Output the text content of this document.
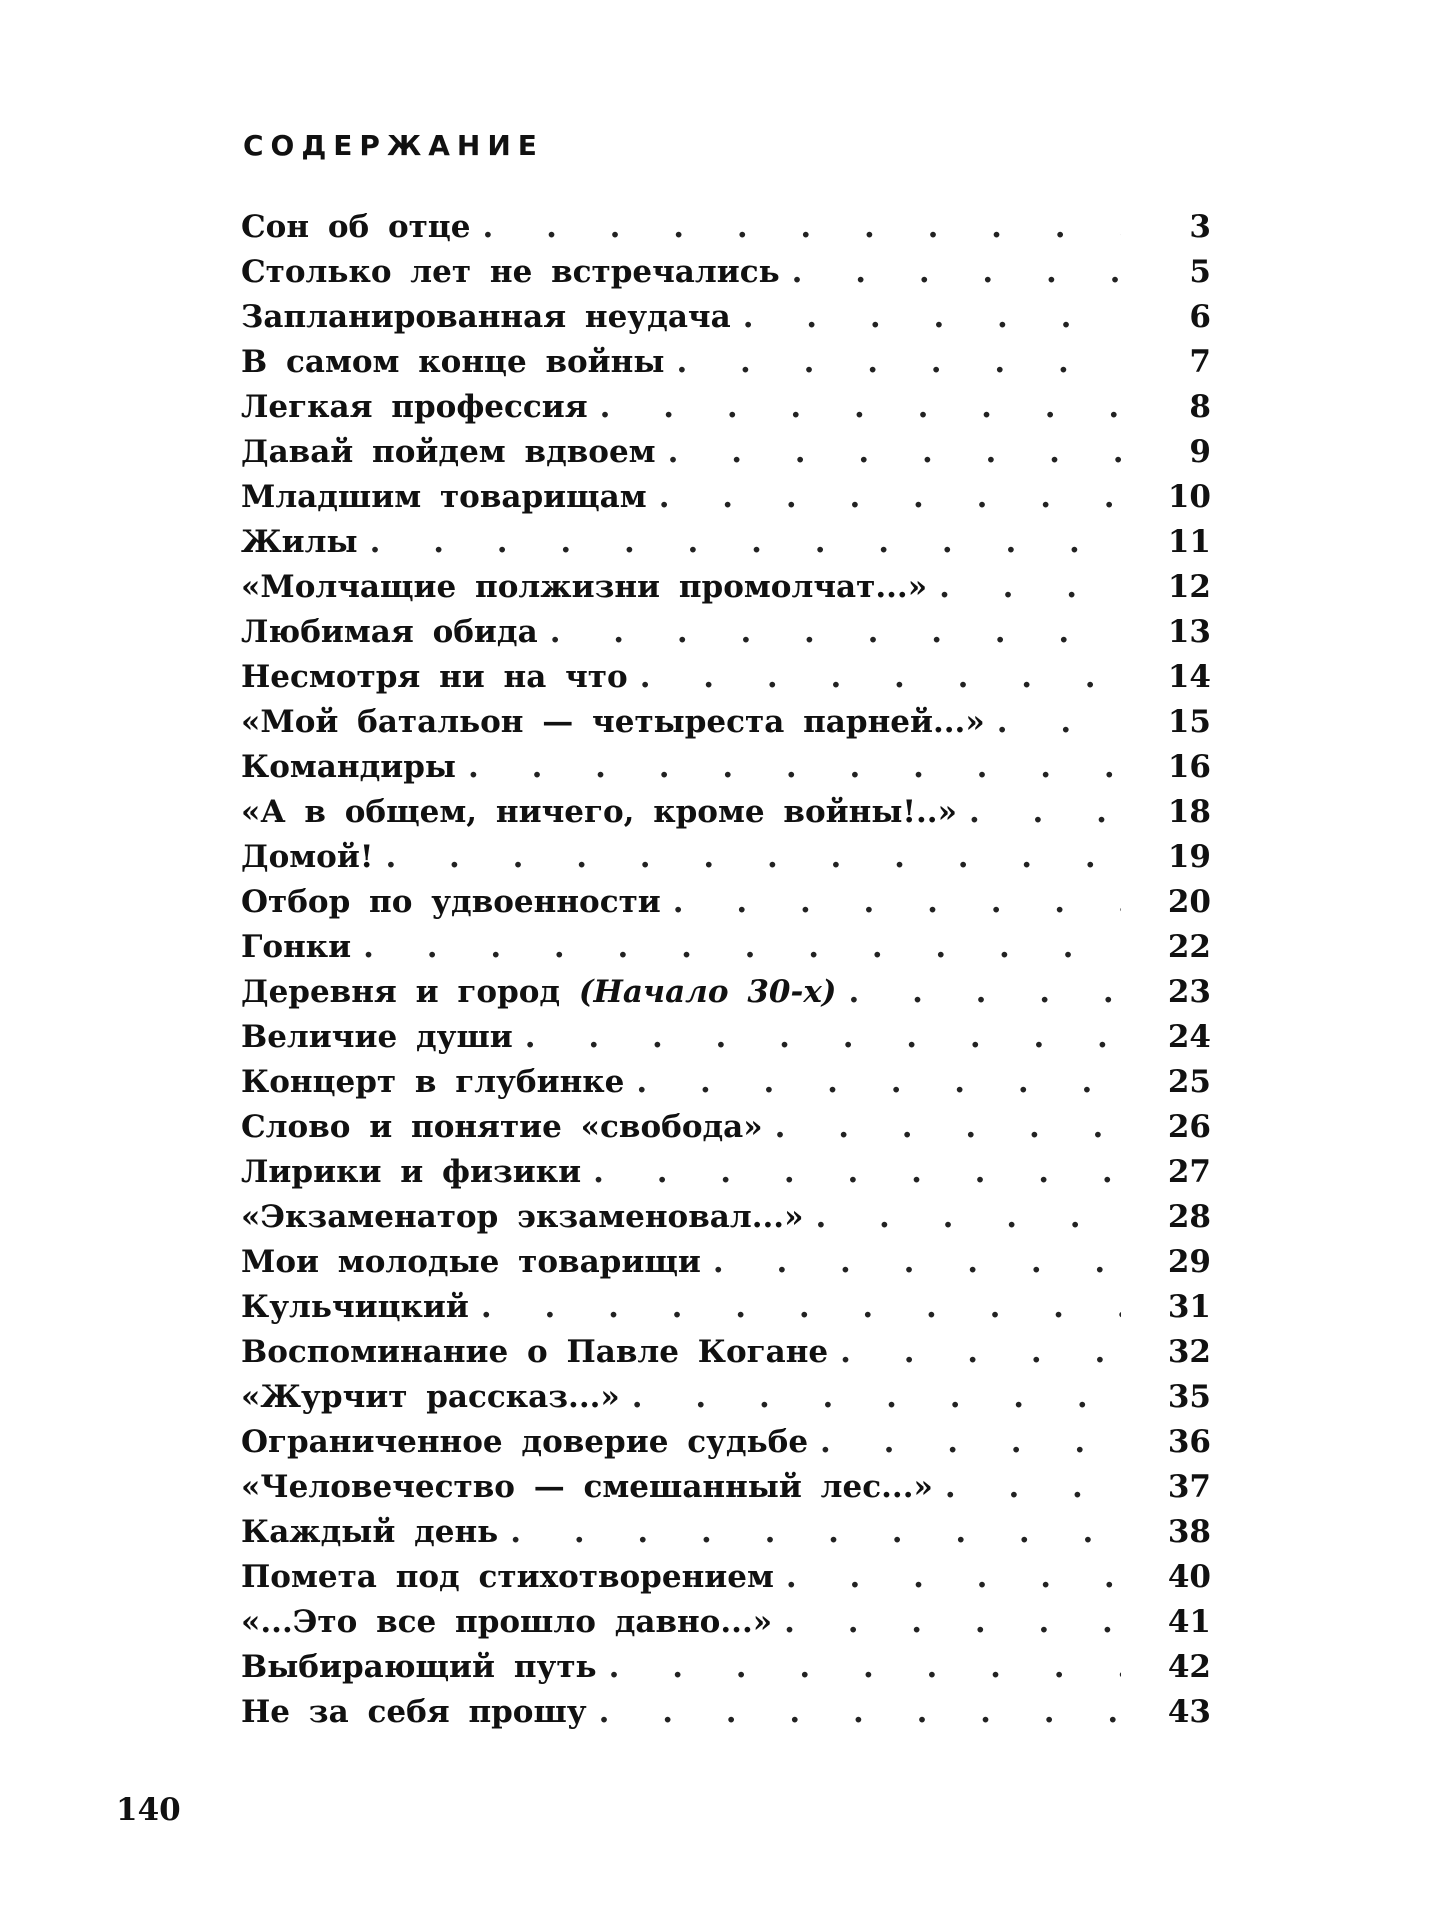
СОДЕРЖАНИЕ
Сон об отце . . .	3
Столько лет не встречались . . .	5
Запланированная неудача . . .	6
В самом конце войны . . .	7
Легкая профессия . . .	8
Давай пойдем вдвоем . . .	9
Младшим товарищам . . .	10
Жилы . . .	11
«Молчащие полжизни промолчат...» . . .	12
Любимая обида . . .	13
Несмотря ни на что . . .	14
«Мой батальон — четыреста парней...» . . .	15
Командиры . . .	16
«А в общем, ничего, кроме войны!..» . . .	18
Домой! . . .	19
Отбор по удвоенности . . .	20
Гонки . . .	22
Деревня и город (Начало 30-х) . . .	23
Величие души . . .	24
Концерт в глубинке . . .	25
Слово и понятие «свобода» . . .	26
Лирики и физики . . .	27
«Экзаменатор экзаменовал...» . . .	28
Мои молодые товарищи . . .	29
Кульчицкий . . .	31
Воспоминание о Павле Когане . . .	32
«Журчит рассказ...» . . .	35
Ограниченное доверие судьбе . . .	36
«Человечество — смешанный лес...» . . .	37
Каждый день . . .	38
Помета под стихотворением . . .	40
«...Это все прошло давно...» . . .	41
Выбирающий путь . . .	42
Не за себя прошу . . .	43
140
